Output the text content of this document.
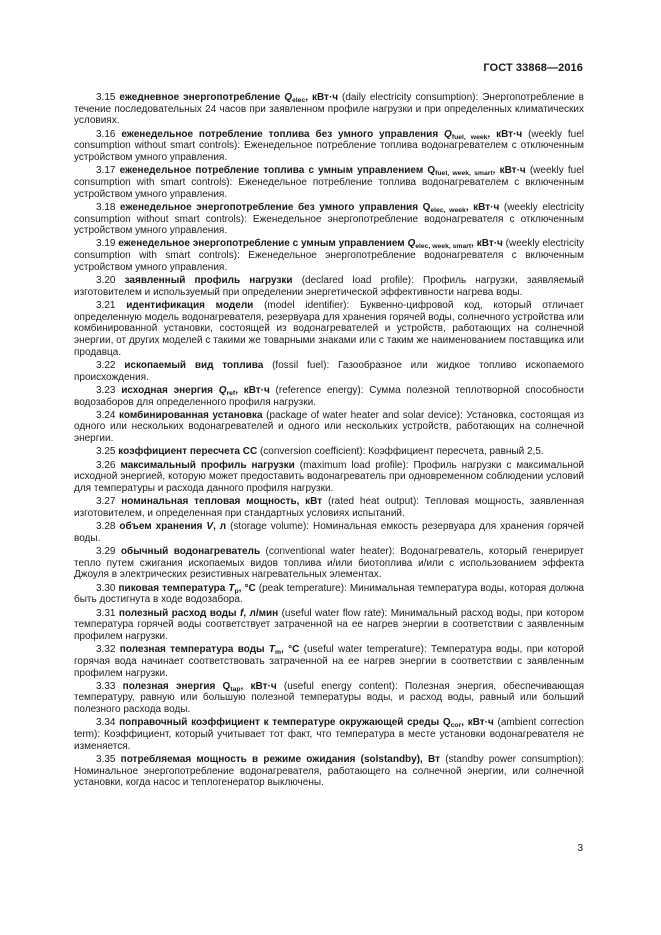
ГОСТ 33868—2016

3.15 ежедневное энергопотребление $Q_{elec}$, кВт·ч (daily electricity consumption): Энергопотребление в течение последовательных 24 часов при заявленном профиле нагрузки и при определенных климатических условиях.

3.16 еженедельное потребление топлива без умного управления $Q_{fuel, week}$, кВт·ч (weekly fuel consumption without smart controls): Еженедельное потребление топлива водонагревателем с отключенным устройством умного управления.

3.17 еженедельное потребление топлива с умным управлением $Q_{fuel, week, smart}$, кВт·ч (weekly fuel consumption with smart controls): Еженедельное потребление топлива водонагревателем с включенным устройством умного управления.

3.18 еженедельное энергопотребление без умного управления $Q_{elec, week}$, кВт·ч (weekly electricity consumption without smart controls): Еженедельное энергопотребление водонагревателя с отключенным устройством умного управления.

3.19 еженедельное энергопотребление с умным управлением $Q_{elec, week, smart}$, кВт·ч (weekly electricity consumption with smart controls): Еженедельное энергопотребление водонагревателя с включенным устройством умного управления.

3.20 заявленный профиль нагрузки (declared load profile): Профиль нагрузки, заявляемый изготовителем и используемый при определении энергетической эффективности нагрева воды.

3.21 идентификация модели (model identifier): Буквенно-цифровой код, который отличает определенную модель водонагревателя, резервуара для хранения горячей воды, солнечного устройства или комбинированной установки, состоящей из водонагревателей и устройств, работающих на солнечной энергии, от других моделей с такими же товарными знаками или с таким же наименованием поставщика или продавца.

3.22 ископаемый вид топлива (fossil fuel): Газообразное или жидкое топливо ископаемого происхождения.

3.23 исходная энергия $Q_{ref}$, кВт·ч (reference energy): Сумма полезной теплотворной способности водозаборов для определенного профиля нагрузки.

3.24 комбинированная установка (package of water heater and solar device): Установка, состоящая из одного или нескольких водонагревателей и одного или нескольких устройств, работающих на солнечной энергии.

3.25 коэффициент пересчета CC (conversion coefficient): Коэффициент пересчета, равный 2,5.

3.26 максимальный профиль нагрузки (maximum load profile): Профиль нагрузки с максимальной исходной энергией, которую может предоставить водонагреватель при одновременном соблюдении условий для температуры и расхода данного профиля нагрузки.

3.27 номинальная тепловая мощность, кВт (rated heat output): Тепловая мощность, заявленная изготовителем, и определенная при стандартных условиях испытаний.

3.28 объем хранения V, л (storage volume): Номинальная емкость резервуара для хранения горячей воды.

3.29 обычный водонагреватель (conventional water heater): Водонагреватель, который генерирует тепло путем сжигания ископаемых видов топлива и/или биотоплива и/или с использованием эффекта Джоуля в электрических резистивных нагревательных элементах.

3.30 пиковая температура $T_p$, °C (peak temperature): Минимальная температура воды, которая должна быть достигнута в ходе водозабора.

3.31 полезный расход воды f, л/мин (useful water flow rate): Минимальный расход воды, при котором температура горячей воды соответствует затраченной на ее нагрев энергии в соответствии с заявленным профилем нагрузки.

3.32 полезная температура воды $T_m$, °C (useful water temperature): Температура воды, при которой горячая вода начинает соответствовать затраченной на ее нагрев энергии в соответствии с заявленным профилем нагрузки.

3.33 полезная энергия $Q_{tap}$, кВт·ч (useful energy content): Полезная энергия, обеспечивающая температуру, равную или большую полезной температуры воды, и расход воды, равный или больший полезного расхода воды.

3.34 поправочный коэффициент к температуре окружающей среды $Q_{cor}$, кВт·ч (ambient correction term): Коэффициент, который учитывает тот факт, что температура в месте установки водонагревателя не изменяется.

3.35 потребляемая мощность в режиме ожидания (solstandby), Вт (standby power consumption): Номинальное энергопотребление водонагревателя, работающего на солнечной энергии, или солнечной установки, когда насос и теплогенератор выключены.

3
